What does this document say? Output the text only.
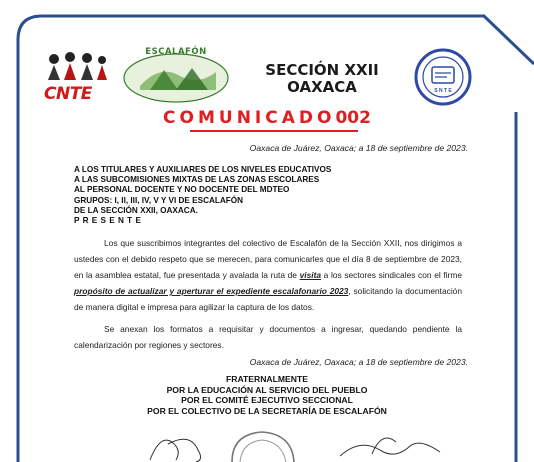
CNTE
ESCALAFÓN
SECCIÓN XXII
OAXACA	S N T E
COMUNICADO002
Oaxaca de Juárez, Oaxaca; a 18 de septiembre de 2023.
A LOS TITULARES Y AUXILIARES DE LOS NIVELES EDUCATIVOS
A LAS SUBCOMISIONES MIXTAS DE LAS ZONAS ESCOLARES
AL PERSONAL DOCENTE Y NO DOCENTE DEL MDTEO
GRUPOS: I, II, III, IV, V Y VI DE ESCALAFÓN
DE LA SECCIÓN XXII, OAXACA.
P R E S E N T E
Los que suscribimos integrantes del colectivo de Escalafón de la Sección XXII, nos dirigimos a ustedes con el debido respeto que se merecen, para comunicarles que el día 8 de septiembre de 2023, en la asamblea estatal, fue presentada y avalada la ruta de visita a los sectores sindicales con el firme propósito de actualizar y aperturar el expediente escalafonario 2023, solicitando la documentación de manera digital e impresa para agilizar la captura de los datos.
Se anexan los formatos a requisitar y documentos a ingresar, quedando pendiente la calendarización por regiones y sectores.
Oaxaca de Juárez, Oaxaca; a 18 de septiembre de 2023.
FRATERNALMENTE
POR LA EDUCACIÓN AL SERVICIO DEL PUEBLO
POR EL COMITÉ EJECUTIVO SECCIONAL
POR EL COLECTIVO DE LA SECRETARÍA DE ESCALAFÓN
